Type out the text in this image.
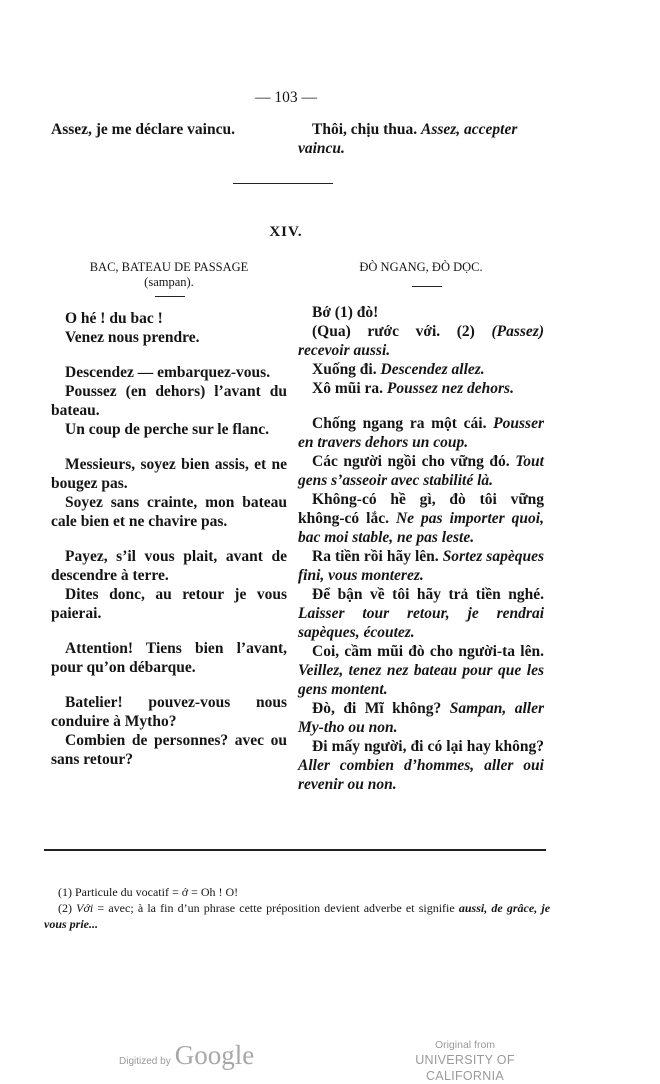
— 103 —
Assez, je me déclare vaincu.	Thôi, chịu thua. Assez, accepter
vaincu.

XIV.
BAC, BATEAU DE PASSAGE
(sampan).
ĐÒ NGANG, ĐÒ DỌC.

O hé ! du bac !

Venez nous prendre.

Descendez — embarquez-vous.

Poussez (en dehors) l’avant du bateau.

Un coup de perche sur le flanc.

Messieurs, soyez bien assis, et ne bougez pas.

Soyez sans crainte, mon bateau cale bien et ne chavire pas.

Payez, s’il vous plait, avant de descendre à terre.

Dites donc, au retour je vous paierai.

Attention! Tiens bien l’avant, pour qu’on débarque.

Batelier! pouvez-vous nous conduire à Mytho?

Combien de personnes? avec ou sans retour?

Bớ (1) đò!

(Qua) rước với. (2) (Passez) recevoir aussi.

Xuống đi. Descendez allez.

Xô mũi ra. Poussez nez dehors.

Chống ngang ra một cái. Pousser en travers dehors un coup.

Các người ngồi cho vững đó. Tout gens s’asseoir avec stabilité là.

Không-có hề gì, đò tôi vững không-có lắc. Ne pas importer quoi, bac moi stable, ne pas leste.

Ra tiền rồi hãy lên. Sortez sapèques fini, vous monterez.

Để bận về tôi hãy trả tiền nghé. Laisser tour retour, je rendrai sapèques, écoutez.

Coi, cầm mũi đò cho người-ta lên. Veillez, tenez nez bateau pour que les gens montent.

Đò, đi Mĩ không? Sampan, aller My-tho ou non.

Đi mấy người, đi có lại hay không? Aller combien d’hommes, aller oui revenir ou non.

(1) Particule du vocatif = ớ = Oh ! O!

(2) Với = avec; à la fin d’un phrase cette préposition devient adverbe et signifie aussi, de grâce, je vous prie...

Digitized by Google	Original from
UNIVERSITY OF CALIFORNIA
